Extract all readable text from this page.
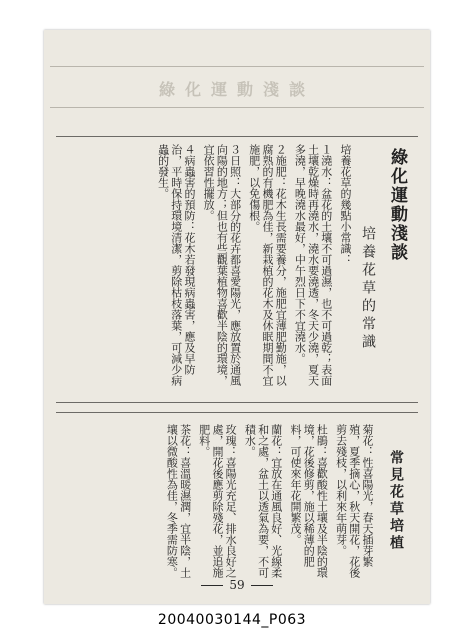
綠化運動淺談
綠化運動淺談
培養花草的常識

培養花草的幾點小常識：

１澆水：盆花的土壤不可過濕，也不可過乾；表面土壤乾燥時再澆水，澆水要澆透，冬天少澆，夏天多澆，早晚澆水最好，中午烈日下不宜澆水。

２施肥：花木生長需要養分，施肥宜薄肥勤施，以腐熟的有機肥為佳，新栽植的花木及休眠期間不宜施肥，以免傷根。

３日照：大部分的花卉都喜愛陽光，應放置於通風向陽的地方；但也有些觀葉植物喜歡半陰的環境，宜依習性擺放。

４病蟲害的預防：花木若發現病蟲害，應及早防治，平時保持環境清潔，剪除枯枝落葉，可減少病蟲的發生。

常見花草培植

菊花：性喜陽光，春天插芽繁殖，夏季摘心，秋天開花，花後剪去殘枝，以利來年萌芽。

杜鵑：喜歡酸性土壤及半陰的環境，花後修剪，施以稀薄的肥料，可使來年花開繁茂。

蘭花：宜放在通風良好、光線柔和之處，盆土以透氣為要，不可積水。

玫瑰：喜陽光充足、排水良好之處，開花後應剪除殘花，並追施肥料。

茶花：喜溫暖濕潤，宜半陰，土壤以微酸性為佳，冬季需防寒。

59
20040030144_P063
